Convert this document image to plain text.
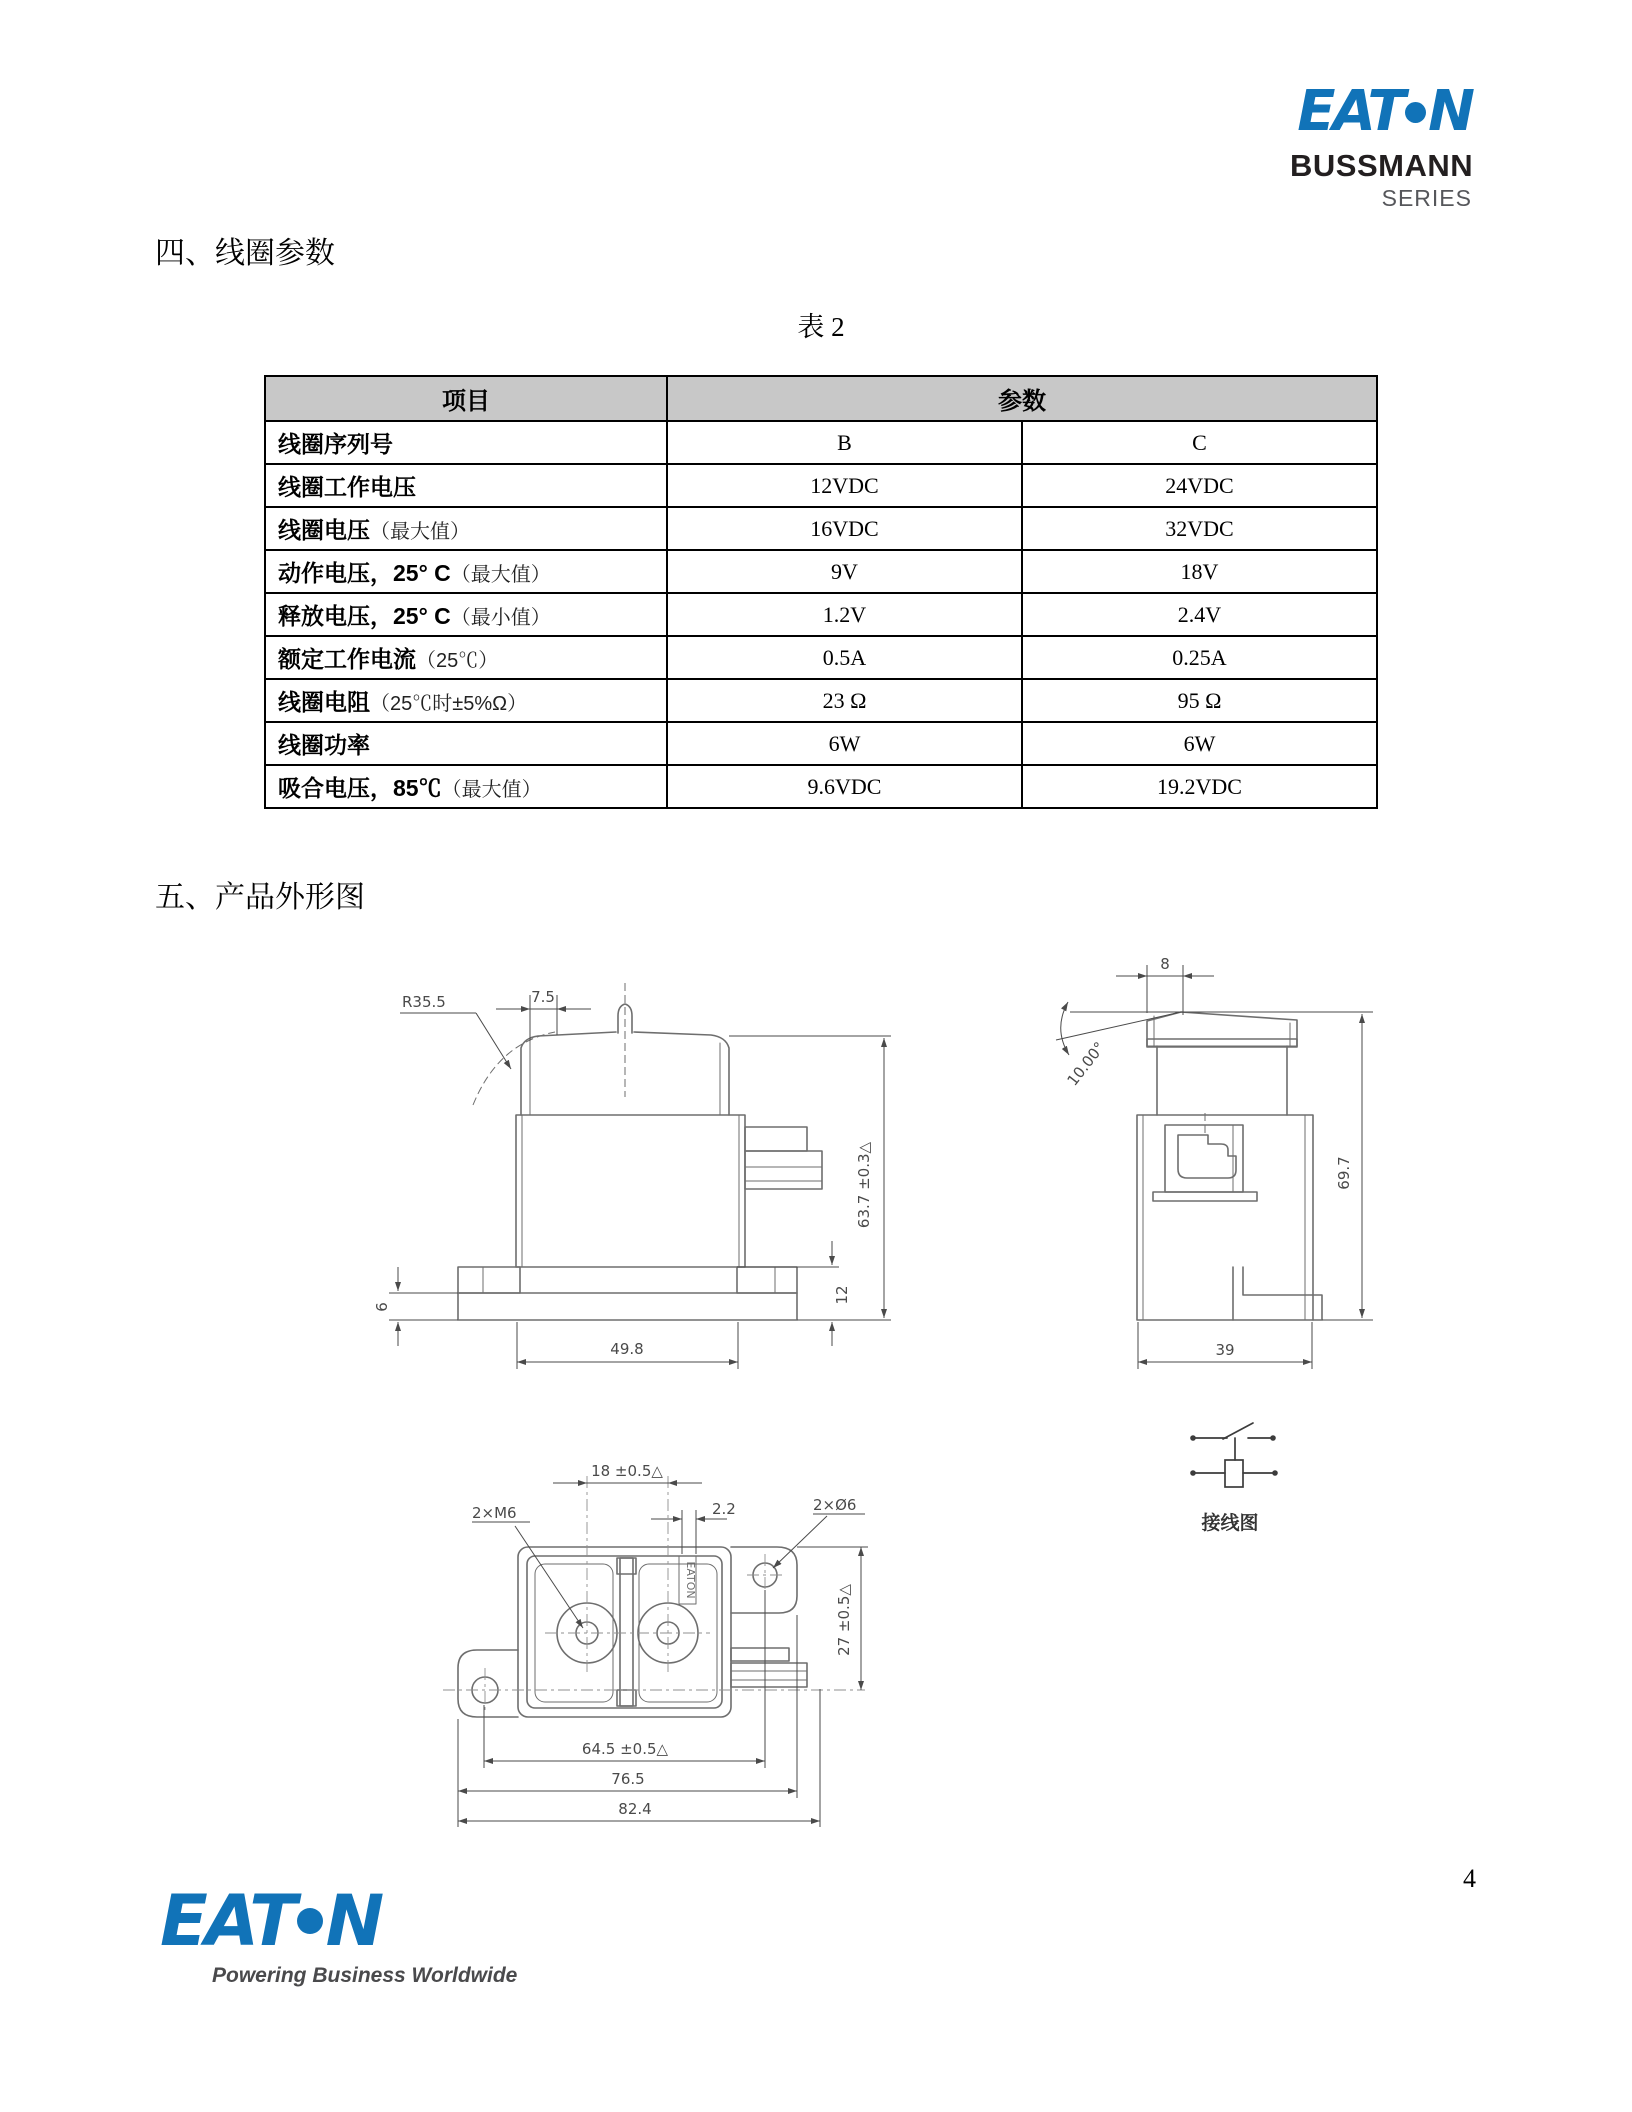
EAT N
BUSSMANN
SERIES
四、线圈参数
表 2
项目	参数	
线圈序列号	B	C
线圈工作电压	12VDC	24VDC
线圈电压（最大值）	16VDC	32VDC
动作电压，25° C（最大值）	9V	18V
释放电压，25° C（最小值）	1.2V	2.4V
额定工作电流（25℃）	0.5A	0.25A
线圈电阻（25℃时±5%Ω）	23 Ω	95 Ω
线圈功率	6W	6W
吸合电压，85℃（最大值）	9.6VDC	19.2VDC
五、产品外形图
R35.5	7.5
63.7 ±0.3△
6
12
49.8
8
10.00°
69.7
39
接线图
EATON
18 ±0.5△
2.2
2×M6	2×Ø6
27 ±0.5△
64.5 ±0.5△
76.5
82.4
4
EAT N
Powering Business Worldwide
